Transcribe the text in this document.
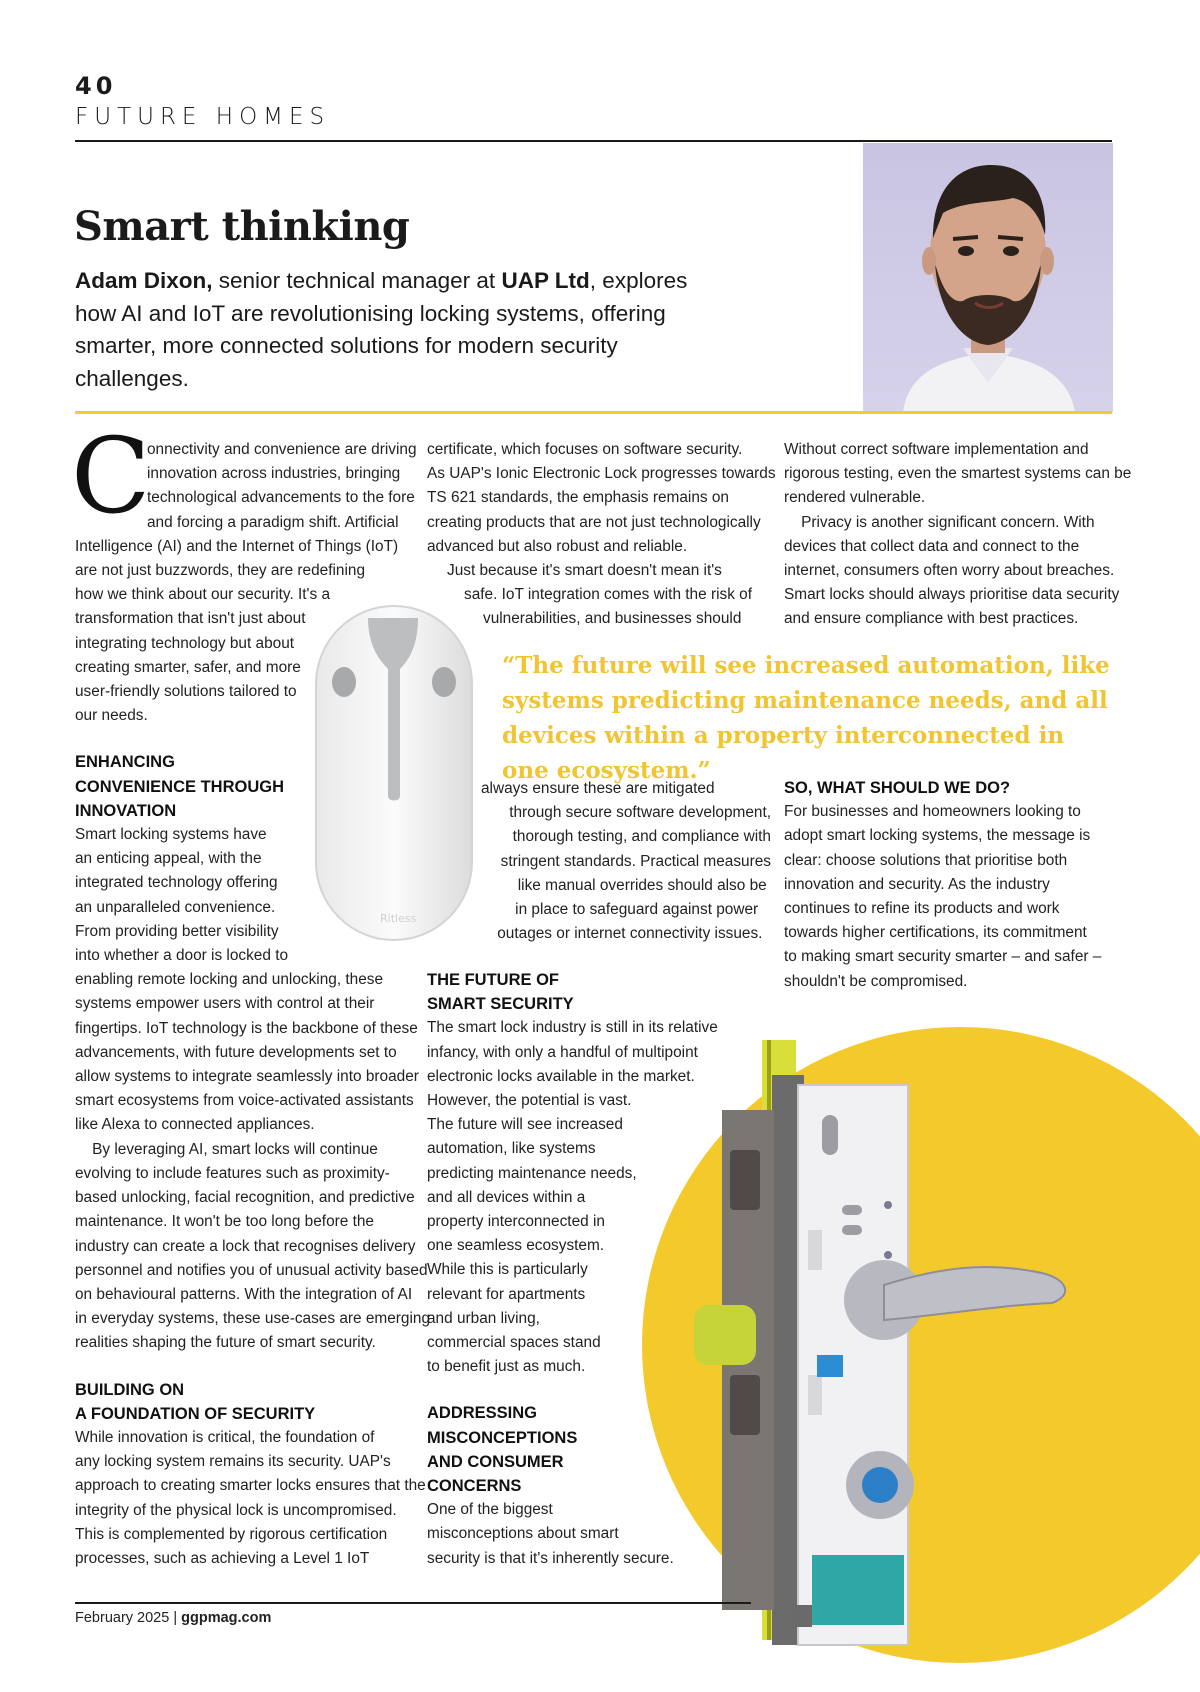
40
FUTURE HOMES
Smart thinking
Adam Dixon, senior technical manager at UAP Ltd, explores how AI and IoT are revolutionising locking systems, offering smarter, more connected solutions for modern security challenges.
C

onnectivity and convenience are driving
innovation across industries, bringing
technological advancements to the fore
and forcing a paradigm shift. Artificial

Intelligence (AI) and the Internet of Things (IoT)
are not just buzzwords, they are redefining
how we think about our security. It's a
transformation that isn't just about
integrating technology but about
creating smarter, safer, and more
user-friendly solutions tailored to
our needs.

ENHANCING
CONVENIENCE THROUGH
INNOVATION

Smart locking systems have
an enticing appeal, with the
integrated technology offering
an unparalleled convenience.
From providing better visibility
into whether a door is locked to
enabling remote locking and unlocking, these
systems empower users with control at their
fingertips. IoT technology is the backbone of these
advancements, with future developments set to
allow systems to integrate seamlessly into broader
smart ecosystems from voice-activated assistants
like Alexa to connected appliances.

By leveraging AI, smart locks will continue
evolving to include features such as proximity-
based unlocking, facial recognition, and predictive
maintenance. It won't be too long before the
industry can create a lock that recognises delivery
personnel and notifies you of unusual activity based
on behavioural patterns. With the integration of AI
in everyday systems, these use-cases are emerging
realities shaping the future of smart security.

BUILDING ON
A FOUNDATION OF SECURITY

While innovation is critical, the foundation of
any locking system remains its security. UAP's
approach to creating smarter locks ensures that the
integrity of the physical lock is uncompromised.
This is complemented by rigorous certification
processes, such as achieving a Level 1 IoT

Ritless
“The future will see increased automation, like systems predicting maintenance needs, and all devices within a property interconnected in one ecosystem.”
certificate, which focuses on software security.
As UAP's Ionic Electronic Lock progresses towards
TS 621 standards, the emphasis remains on
creating products that are not just technologically
advanced but also robust and reliable.
Just because it's smart doesn't mean it's
safe. IoT integration comes with the risk of
vulnerabilities, and businesses should
always ensure these are mitigated
through secure software development,
thorough testing, and compliance with
stringent standards. Practical measures
like manual overrides should also be
in place to safeguard against power
outages or internet connectivity issues.
THE FUTURE OF
SMART SECURITY

The smart lock industry is still in its relative
infancy, with only a handful of multipoint
electronic locks available in the market.
However, the potential is vast.
The future will see increased
automation, like systems
predicting maintenance needs,
and all devices within a
property interconnected in
one seamless ecosystem.
While this is particularly
relevant for apartments
and urban living,
commercial spaces stand
to benefit just as much.

ADDRESSING
MISCONCEPTIONS
AND CONSUMER
CONCERNS

One of the biggest
misconceptions about smart
security is that it's inherently secure.

Without correct software implementation and
rigorous testing, even the smartest systems can be
rendered vulnerable.
Privacy is another significant concern. With
devices that collect data and connect to the
internet, consumers often worry about breaches.
Smart locks should always prioritise data security
and ensure compliance with best practices.
SO, WHAT SHOULD WE DO?

For businesses and homeowners looking to
adopt smart locking systems, the message is
clear: choose solutions that prioritise both
innovation and security. As the industry
continues to refine its products and work
towards higher certifications, its commitment
to making smart security smarter – and safer –
shouldn't be compromised.

February 2025 | ggpmag.com
